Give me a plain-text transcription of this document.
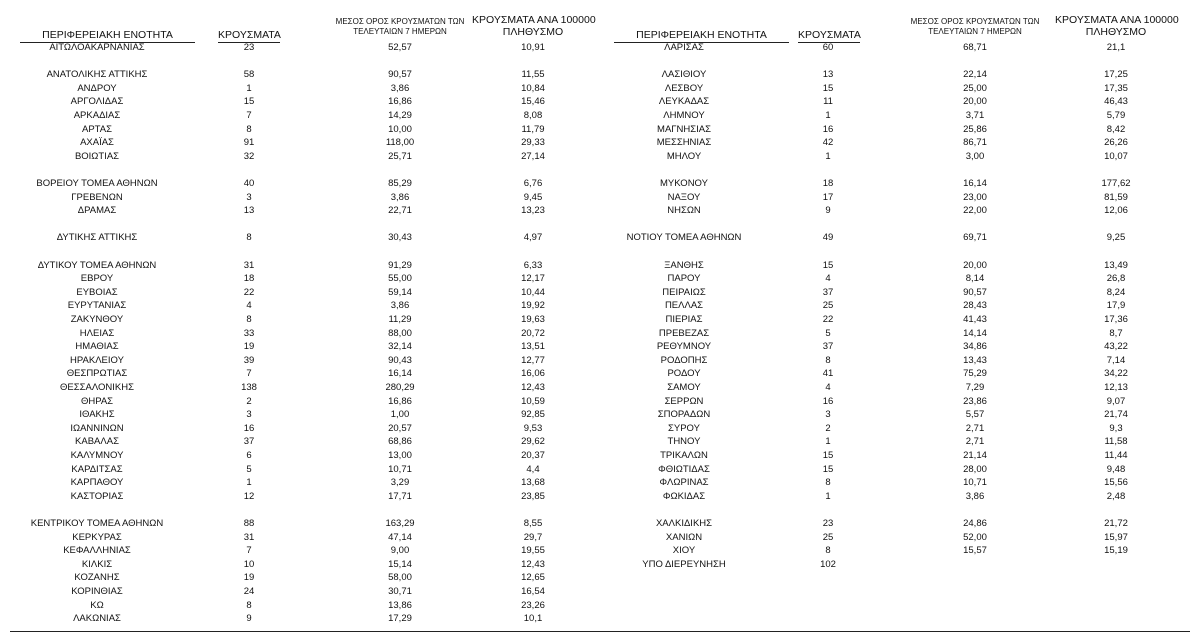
ΠΕΡΙΦΕΡΕΙΑΚΗ ΕΝΟΤΗΤΑ	ΚΡΟΥΣΜΑΤΑ
ΜΕΣΟΣ ΟΡΟΣ ΚΡΟΥΣΜΑΤΩΝ ΤΩΝ
ΤΕΛΕΥΤΑΙΩΝ 7 ΗΜΕΡΩΝ
ΚΡΟΥΣΜΑΤΑ ΑΝΑ 100000
ΠΛΗΘΥΣΜΟ
ΑΙΤΩΛΟΑΚΑΡΝΑΝΙΑΣ	23	52,57	10,91
ΑΝΑΤΟΛΙΚΗΣ ΑΤΤΙΚΗΣ	58	90,57	11,55
ΑΝΔΡΟΥ	1	3,86	10,84
ΑΡΓΟΛΙΔΑΣ	15	16,86	15,46
ΑΡΚΑΔΙΑΣ	7	14,29	8,08
ΑΡΤΑΣ	8	10,00	11,79
ΑΧΑΪΑΣ	91	118,00	29,33
ΒΟΙΩΤΙΑΣ	32	25,71	27,14
ΒΟΡΕΙΟΥ ΤΟΜΕΑ ΑΘΗΝΩΝ	40	85,29	6,76
ΓΡΕΒΕΝΩΝ	3	3,86	9,45
ΔΡΑΜΑΣ	13	22,71	13,23
ΔΥΤΙΚΗΣ ΑΤΤΙΚΗΣ	8	30,43	4,97
ΔΥΤΙΚΟΥ ΤΟΜΕΑ ΑΘΗΝΩΝ	31	91,29	6,33
ΕΒΡΟΥ	18	55,00	12,17
ΕΥΒΟΙΑΣ	22	59,14	10,44
ΕΥΡΥΤΑΝΙΑΣ	4	3,86	19,92
ΖΑΚΥΝΘΟΥ	8	11,29	19,63
ΗΛΕΙΑΣ	33	88,00	20,72
ΗΜΑΘΙΑΣ	19	32,14	13,51
ΗΡΑΚΛΕΙΟΥ	39	90,43	12,77
ΘΕΣΠΡΩΤΙΑΣ	7	16,14	16,06
ΘΕΣΣΑΛΟΝΙΚΗΣ	138	280,29	12,43
ΘΗΡΑΣ	2	16,86	10,59
ΙΘΑΚΗΣ	3	1,00	92,85
ΙΩΑΝΝΙΝΩΝ	16	20,57	9,53
ΚΑΒΑΛΑΣ	37	68,86	29,62
ΚΑΛΥΜΝΟΥ	6	13,00	20,37
ΚΑΡΔΙΤΣΑΣ	5	10,71	4,4
ΚΑΡΠΑΘΟΥ	1	3,29	13,68
ΚΑΣΤΟΡΙΑΣ	12	17,71	23,85
ΚΕΝΤΡΙΚΟΥ ΤΟΜΕΑ ΑΘΗΝΩΝ	88	163,29	8,55
ΚΕΡΚΥΡΑΣ	31	47,14	29,7
ΚΕΦΑΛΛΗΝΙΑΣ	7	9,00	19,55
ΚΙΛΚΙΣ	10	15,14	12,43
ΚΟΖΑΝΗΣ	19	58,00	12,65
ΚΟΡΙΝΘΙΑΣ	24	30,71	16,54
ΚΩ	8	13,86	23,26
ΛΑΚΩΝΙΑΣ	9	17,29	10,1
ΠΕΡΙΦΕΡΕΙΑΚΗ ΕΝΟΤΗΤΑ	ΚΡΟΥΣΜΑΤΑ
ΜΕΣΟΣ ΟΡΟΣ ΚΡΟΥΣΜΑΤΩΝ ΤΩΝ
ΤΕΛΕΥΤΑΙΩΝ 7 ΗΜΕΡΩΝ
ΚΡΟΥΣΜΑΤΑ ΑΝΑ 100000
ΠΛΗΘΥΣΜΟ
ΛΑΡΙΣΑΣ	60	68,71	21,1
ΛΑΣΙΘΙΟΥ	13	22,14	17,25
ΛΕΣΒΟΥ	15	25,00	17,35
ΛΕΥΚΑΔΑΣ	11	20,00	46,43
ΛΗΜΝΟΥ	1	3,71	5,79
ΜΑΓΝΗΣΙΑΣ	16	25,86	8,42
ΜΕΣΣΗΝΙΑΣ	42	86,71	26,26
ΜΗΛΟΥ	1	3,00	10,07
ΜΥΚΟΝΟΥ	18	16,14	177,62
ΝΑΞΟΥ	17	23,00	81,59
ΝΗΣΩΝ	9	22,00	12,06
ΝΟΤΙΟΥ ΤΟΜΕΑ ΑΘΗΝΩΝ	49	69,71	9,25
ΞΑΝΘΗΣ	15	20,00	13,49
ΠΑΡΟΥ	4	8,14	26,8
ΠΕΙΡΑΙΩΣ	37	90,57	8,24
ΠΕΛΛΑΣ	25	28,43	17,9
ΠΙΕΡΙΑΣ	22	41,43	17,36
ΠΡΕΒΕΖΑΣ	5	14,14	8,7
ΡΕΘΥΜΝΟΥ	37	34,86	43,22
ΡΟΔΟΠΗΣ	8	13,43	7,14
ΡΟΔΟΥ	41	75,29	34,22
ΣΑΜΟΥ	4	7,29	12,13
ΣΕΡΡΩΝ	16	23,86	9,07
ΣΠΟΡΑΔΩΝ	3	5,57	21,74
ΣΥΡΟΥ	2	2,71	9,3
ΤΗΝΟΥ	1	2,71	11,58
ΤΡΙΚΑΛΩΝ	15	21,14	11,44
ΦΘΙΩΤΙΔΑΣ	15	28,00	9,48
ΦΛΩΡΙΝΑΣ	8	10,71	15,56
ΦΩΚΙΔΑΣ	1	3,86	2,48
ΧΑΛΚΙΔΙΚΗΣ	23	24,86	21,72
ΧΑΝΙΩΝ	25	52,00	15,97
ΧΙΟΥ	8	15,57	15,19
ΥΠΟ ΔΙΕΡΕΥΝΗΣΗ	102
